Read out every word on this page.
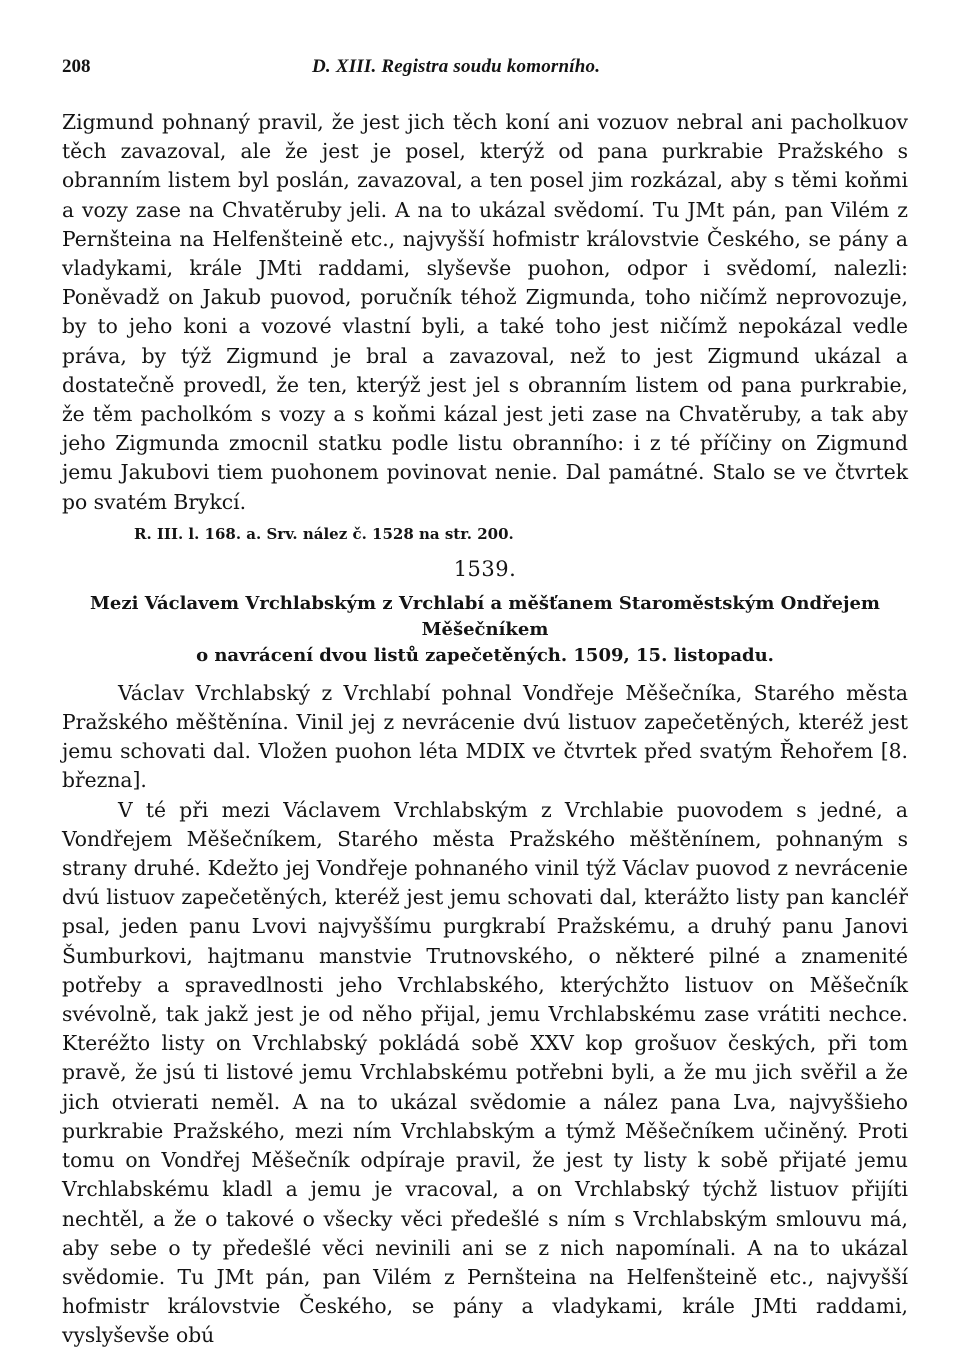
208	D. XIII. Registra soudu komorního.

Zigmund pohnaný pravil, že jest jich těch koní ani vozuov nebral ani pacholkuov těch zavazoval, ale že jest je posel, kterýž od pana purkrabie Pražského s obranním listem byl poslán, zavazoval, a ten posel jim rozkázal, aby s těmi koňmi a vozy zase na Chvatěruby jeli. A na to ukázal svědomí. Tu JMt pán, pan Vilém z Pernšteina na Helfenšteině etc., najvyšší hofmistr královstvie Českého, se pány a vladykami, krále JMti raddami, slyševše puohon, odpor i svědomí, nalezli: Poněvadž on Jakub puovod, poručník téhož Zigmunda, toho ničímž neprovozuje, by to jeho koni a vozové vlastní byli, a také toho jest ničímž nepokázal vedle práva, by týž Zigmund je bral a zavazoval, než to jest Zigmund ukázal a dostatečně provedl, že ten, kterýž jest jel s obranním listem od pana purkrabie, že těm pacholkóm s vozy a s koňmi kázal jest jeti zase na Chvatěruby, a tak aby jeho Zigmunda zmocnil statku podle listu obranního: i z té příčiny on Zigmund jemu Jakubovi tiem puohonem povinovat nenie. Dal památné. Stalo se ve čtvrtek po svatém Brykcí.

R. III. l. 168. a. Srv. nález č. 1528 na str. 200.
1539.
Mezi Václavem Vrchlabským z Vrchlabí a měšťanem Staroměstským Ondřejem Měšečníkem
o navrácení dvou listů zapečetěných. 1509, 15. listopadu.

Václav Vrchlabský z Vrchlabí pohnal Vondřeje Měšečníka, Starého města Pražského měštěnína. Vinil jej z nevrácenie dvú listuov zapečetěných, kteréž jest jemu schovati dal. Vložen puohon léta MDIX ve čtvrtek před svatým Řehořem [8. března].

V té při mezi Václavem Vrchlabským z Vrchlabie puovodem s jedné, a Vondřejem Měšečníkem, Starého města Pražského měštěnínem, pohnaným s strany druhé. Kdežto jej Vondřeje pohnaného vinil týž Václav puovod z nevrácenie dvú listuov zapečetěných, kteréž jest jemu schovati dal, kterážto listy pan kancléř psal, jeden panu Lvovi najvyššímu purgkrabí Pražskému, a druhý panu Janovi Šumburkovi, hajtmanu manstvie Trutnovského, o některé pilné a znamenité potřeby a spravedlnosti jeho Vrchlabského, kterýchžto listuov on Měšečník svévolně, tak jakž jest je od něho přijal, jemu Vrchlabskému zase vrátiti nechce. Kteréžto listy on Vrchlabský pokládá sobě XXV kop grošuov českých, při tom pravě, že jsú ti listové jemu Vrchlabskému potřebni byli, a že mu jich svěřil a že jich otvierati neměl. A na to ukázal svědomie a nález pana Lva, najvyššieho purkrabie Pražského, mezi ním Vrchlabským a týmž Měšečníkem učiněný. Proti tomu on Vondřej Měšečník odpíraje pravil, že jest ty listy k sobě přijaté jemu Vrchlabskému kladl a jemu je vracoval, a on Vrchlabský týchž listuov přijíti nechtěl, a že o takové o všecky věci předešlé s ním s Vrchlabským smlouvu má, aby sebe o ty předešlé věci nevinili ani se z nich napomínali. A na to ukázal svědomie. Tu JMt pán, pan Vilém z Pernšteina na Helfenšteině etc., najvyšší hofmistr královstvie Českého, se pány a vladykami, krále JMti raddami, vyslyševše obú
